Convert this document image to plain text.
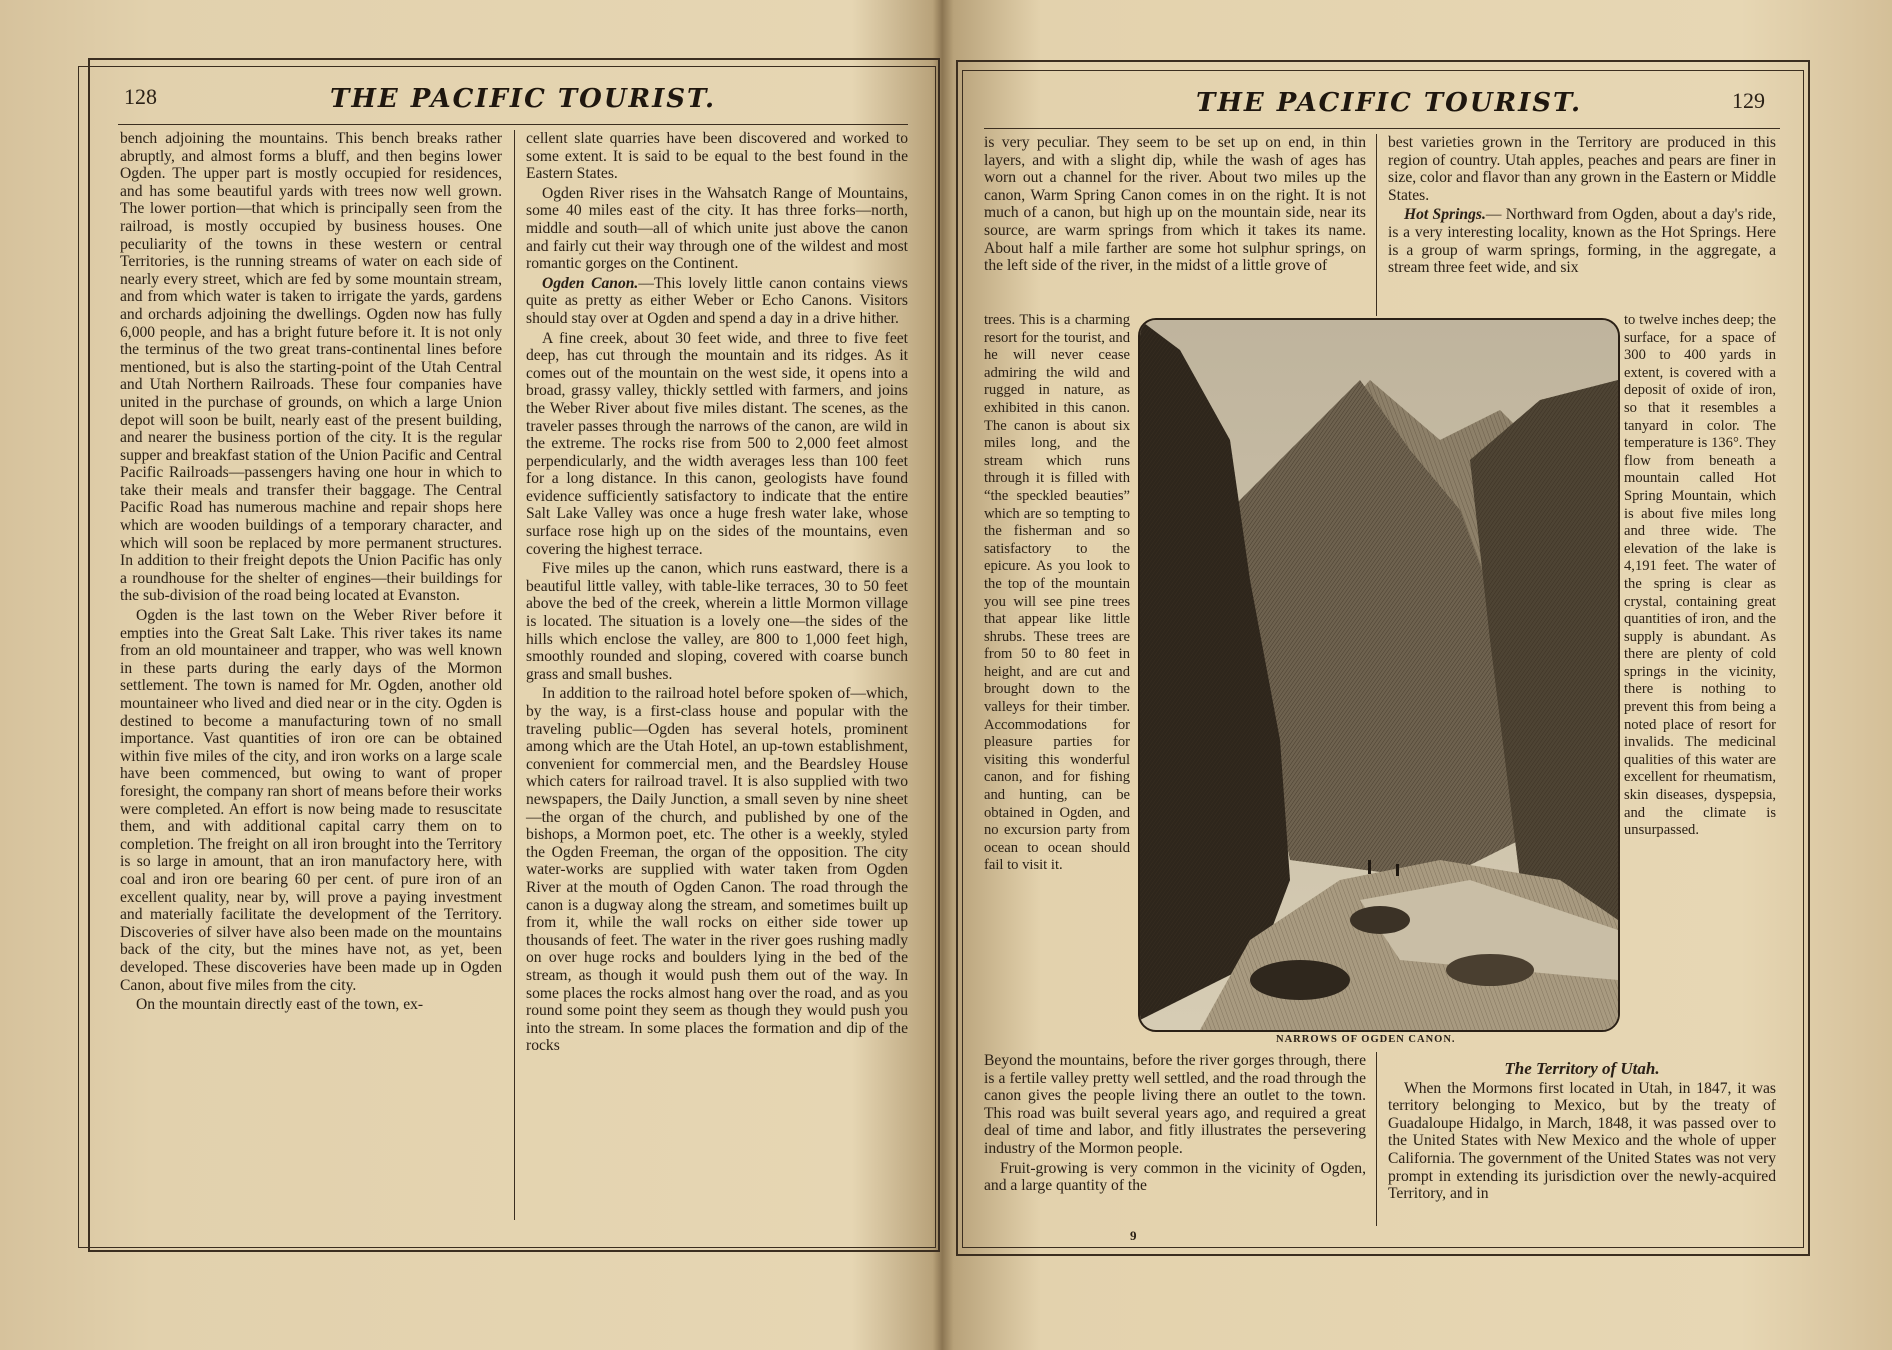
128	THE PACIFIC TOURIST.

bench adjoining the mountains. This bench breaks rather abruptly, and almost forms a bluff, and then begins lower Ogden. The upper part is mostly occupied for residences, and has some beautiful yards with trees now well grown. The lower portion—that which is principally seen from the railroad, is mostly occupied by business houses. One peculiarity of the towns in these western or central Territories, is the running streams of water on each side of nearly every street, which are fed by some mountain stream, and from which water is taken to irrigate the yards, gardens and orchards adjoining the dwellings. Ogden now has fully 6,000 people, and has a bright future before it. It is not only the terminus of the two great trans-continental lines before mentioned, but is also the starting-point of the Utah Central and Utah Northern Railroads. These four companies have united in the purchase of grounds, on which a large Union depot will soon be built, nearly east of the present building, and nearer the business portion of the city. It is the regular supper and breakfast station of the Union Pacific and Central Pacific Railroads—passengers having one hour in which to take their meals and transfer their baggage. The Central Pacific Road has numerous machine and repair shops here which are wooden buildings of a temporary character, and which will soon be replaced by more permanent structures. In addition to their freight depots the Union Pacific has only a roundhouse for the shelter of engines—their buildings for the sub-division of the road being located at Evanston.

Ogden is the last town on the Weber River before it empties into the Great Salt Lake. This river takes its name from an old mountaineer and trapper, who was well known in these parts during the early days of the Mormon settlement. The town is named for Mr. Ogden, another old mountaineer who lived and died near or in the city. Ogden is destined to become a manufacturing town of no small importance. Vast quantities of iron ore can be obtained within five miles of the city, and iron works on a large scale have been commenced, but owing to want of proper foresight, the company ran short of means before their works were completed. An effort is now being made to resuscitate them, and with additional capital carry them on to completion. The freight on all iron brought into the Territory is so large in amount, that an iron manufactory here, with coal and iron ore bearing 60 per cent. of pure iron of an excellent quality, near by, will prove a paying investment and materially facilitate the development of the Territory. Discoveries of silver have also been made on the mountains back of the city, but the mines have not, as yet, been developed. These discoveries have been made up in Ogden Canon, about five miles from the city.

On the mountain directly east of the town, ex-

cellent slate quarries have been discovered and worked to some extent. It is said to be equal to the best found in the Eastern States.

Ogden River rises in the Wahsatch Range of Mountains, some 40 miles east of the city. It has three forks—north, middle and south—all of which unite just above the canon and fairly cut their way through one of the wildest and most romantic gorges on the Continent.

Ogden Canon.—This lovely little canon contains views quite as pretty as either Weber or Echo Canons. Visitors should stay over at Ogden and spend a day in a drive hither.

A fine creek, about 30 feet wide, and three to five feet deep, has cut through the mountain and its ridges. As it comes out of the mountain on the west side, it opens into a broad, grassy valley, thickly settled with farmers, and joins the Weber River about five miles distant. The scenes, as the traveler passes through the narrows of the canon, are wild in the extreme. The rocks rise from 500 to 2,000 feet almost perpendicularly, and the width averages less than 100 feet for a long distance. In this canon, geologists have found evidence sufficiently satisfactory to indicate that the entire Salt Lake Valley was once a huge fresh water lake, whose surface rose high up on the sides of the mountains, even covering the highest terrace.

Five miles up the canon, which runs eastward, there is a beautiful little valley, with table-like terraces, 30 to 50 feet above the bed of the creek, wherein a little Mormon village is located. The situation is a lovely one—the sides of the hills which enclose the valley, are 800 to 1,000 feet high, smoothly rounded and sloping, covered with coarse bunch grass and small bushes.

In addition to the railroad hotel before spoken of—which, by the way, is a first-class house and popular with the traveling public—Ogden has several hotels, prominent among which are the Utah Hotel, an up-town establishment, convenient for commercial men, and the Beardsley House which caters for railroad travel. It is also supplied with two newspapers, the Daily Junction, a small seven by nine sheet—the organ of the church, and published by one of the bishops, a Mormon poet, etc. The other is a weekly, styled the Ogden Freeman, the organ of the opposition. The city water-works are supplied with water taken from Ogden River at the mouth of Ogden Canon. The road through the canon is a dugway along the stream, and sometimes built up from it, while the wall rocks on either side tower up thousands of feet. The water in the river goes rushing madly on over huge rocks and boulders lying in the bed of the stream, as though it would push them out of the way. In some places the rocks almost hang over the road, and as you round some point they seem as though they would push you into the stream. In some places the formation and dip of the rocks

THE PACIFIC TOURIST.	129

is very peculiar. They seem to be set up on end, in thin layers, and with a slight dip, while the wash of ages has worn out a channel for the river. About two miles up the canon, Warm Spring Canon comes in on the right. It is not much of a canon, but high up on the mountain side, near its source, are warm springs from which it takes its name. About half a mile farther are some hot sulphur springs, on the left side of the river, in the midst of a little grove of

trees. This is a charming resort for the tourist, and he will never cease admiring the wild and rugged in nature, as exhibited in this canon. The canon is about six miles long, and the stream which runs through it is filled with “the speckled beauties” which are so tempting to the fisherman and so satisfactory to the epicure. As you look to the top of the mountain you will see pine trees that appear like little shrubs. These trees are from 50 to 80 feet in height, and are cut and brought down to the valleys for their timber. Accommodations for pleasure parties for visiting this wonderful canon, and for fishing and hunting, can be obtained in Ogden, and no excursion party from ocean to ocean should fail to visit it.
NARROWS OF OGDEN CANON.

Beyond the mountains, before the river gorges through, there is a fertile valley pretty well settled, and the road through the canon gives the people living there an outlet to the town. This road was built several years ago, and required a great deal of time and labor, and fitly illustrates the persevering industry of the Mormon people.

Fruit-growing is very common in the vicinity of Ogden, and a large quantity of the

best varieties grown in the Territory are produced in this region of country. Utah apples, peaches and pears are finer in size, color and flavor than any grown in the Eastern or Middle States.

Hot Springs.— Northward from Ogden, about a day's ride, is a very interesting locality, known as the Hot Springs. Here is a group of warm springs, forming, in the aggregate, a stream three feet wide, and six

to twelve inches deep; the surface, for a space of 300 to 400 yards in extent, is covered with a deposit of oxide of iron, so that it resembles a tanyard in color. The temperature is 136°. They flow from beneath a mountain called Hot Spring Mountain, which is about five miles long and three wide. The elevation of the lake is 4,191 feet. The water of the spring is clear as crystal, containing great quantities of iron, and the supply is abundant. As there are plenty of cold springs in the vicinity, there is nothing to prevent this from being a noted place of resort for invalids. The medicinal qualities of this water are excellent for rheumatism, skin diseases, dyspepsia, and the climate is unsurpassed.

The Territory of Utah.

When the Mormons first located in Utah, in 1847, it was territory belonging to Mexico, but by the treaty of Guadaloupe Hidalgo, in March, 1848, it was passed over to the United States with New Mexico and the whole of upper California. The government of the United States was not very prompt in extending its jurisdiction over the newly-acquired Territory, and in

9
